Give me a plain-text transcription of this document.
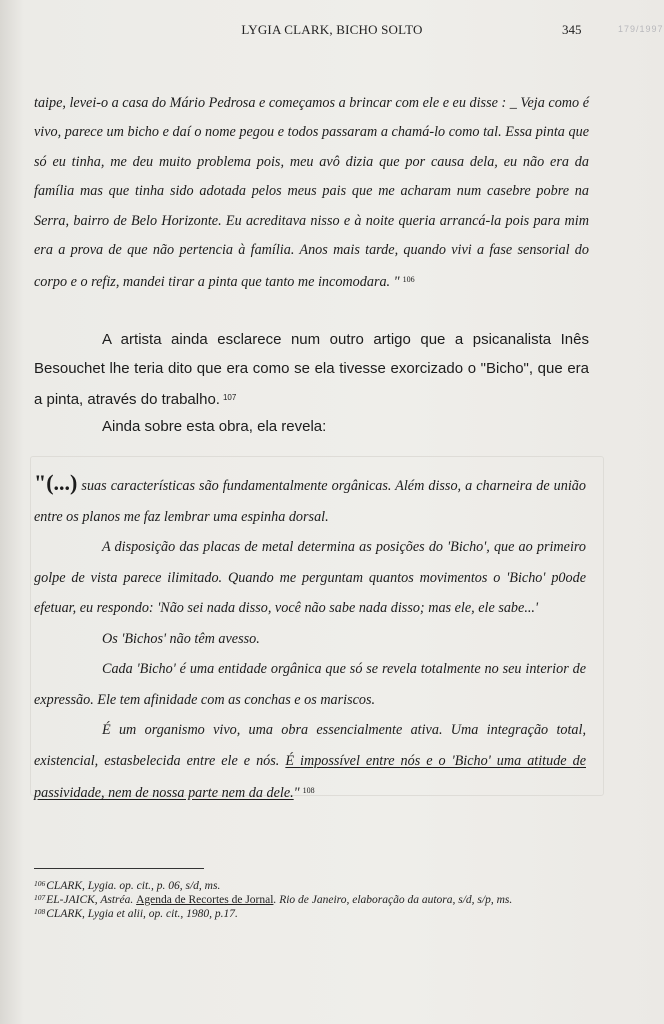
LYGIA CLARK, BICHO SOLTO	345	179/1997
taipe, levei-o a casa do Mário Pedrosa e começamos a brincar com ele e eu disse : _ Veja como é vivo, parece um bicho e daí o nome pegou e todos passaram a chamá-lo como tal. Essa pinta que só eu tinha, me deu muito problema pois, meu avô dizia que por causa dela, eu não era da família mas que tinha sido adotada pelos meus pais que me acharam num casebre pobre na Serra, bairro de Belo Horizonte. Eu acreditava nisso e à noite queria arrancá-la pois para mim era a prova de que não pertencia à família. Anos mais tarde, quando vivi a fase sensorial do corpo e o refiz, mandei tirar a pinta que tanto me incomodara. " $^{106}$
A artista ainda esclarece num outro artigo que a psicanalista Inês Besouchet lhe teria dito que era como se ela tivesse exorcizado o "Bicho", que era a pinta, através do trabalho. $^{107}$
Ainda sobre esta obra, ela revela:

"(...) suas características são fundamentalmente orgânicas. Além disso, a charneira de união entre os planos me faz lembrar uma espinha dorsal.

A disposição das placas de metal determina as posições do 'Bicho', que ao primeiro golpe de vista parece ilimitado. Quando me perguntam quantos movimentos o 'Bicho' p0ode efetuar, eu respondo: 'Não sei nada disso, você não sabe nada disso; mas ele, ele sabe...'

Os 'Bichos' não têm avesso.

Cada 'Bicho' é uma entidade orgânica que só se revela totalmente no seu interior de expressão. Ele tem afinidade com as conchas e os mariscos.

É um organismo vivo, uma obra essencialmente ativa. Uma integração total, existencial, estasbelecida entre ele e nós. É impossível entre nós e o 'Bicho' uma atitude de passividade, nem de nossa parte nem da dele." $^{108}$

$^{106}$CLARK, Lygia. op. cit., p. 06, s/d, ms.
$^{107}$EL-JAICK, Astréa. Agenda de Recortes de Jornal. Rio de Janeiro, elaboração da autora, s/d, s/p, ms.
$^{108}$CLARK, Lygia et alii, op. cit., 1980, p.17.
